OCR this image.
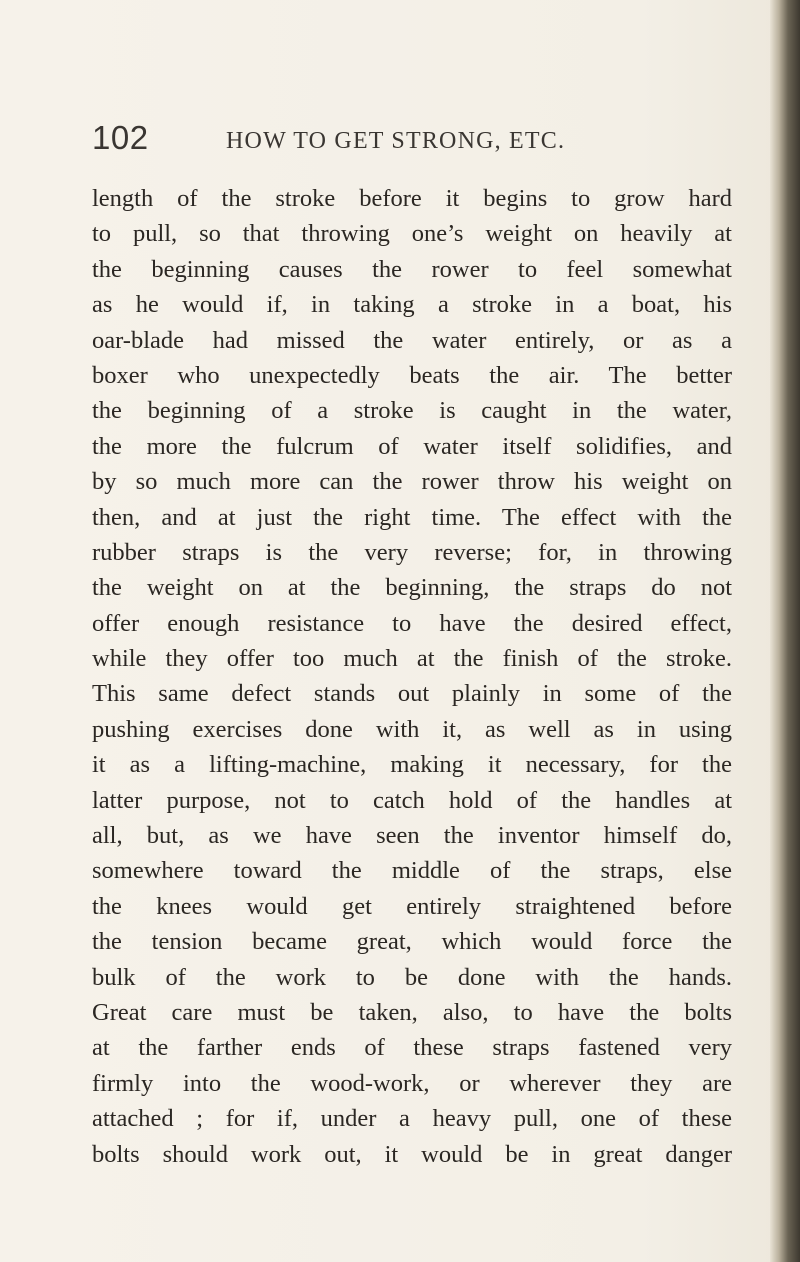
102	HOW TO GET STRONG, ETC.
length of the stroke before it begins to grow hard
to pull, so that throwing one’s weight on heavily at
the beginning causes the rower to feel somewhat
as he would if, in taking a stroke in a boat, his
oar-blade had missed the water entirely, or as a
boxer who unexpectedly beats the air. The better
the beginning of a stroke is caught in the water,
the more the fulcrum of water itself solidifies, and
by so much more can the rower throw his weight on
then, and at just the right time. The effect with the
rubber straps is the very reverse; for, in throwing
the weight on at the beginning, the straps do not
offer enough resistance to have the desired effect,
while they offer too much at the finish of the stroke.
This same defect stands out plainly in some of the
pushing exercises done with it, as well as in using
it as a lifting-machine, making it necessary, for the
latter purpose, not to catch hold of the handles at
all, but, as we have seen the inventor himself do,
somewhere toward the middle of the straps, else
the knees would get entirely straightened before
the tension became great, which would force the
bulk of the work to be done with the hands.
Great care must be taken, also, to have the bolts
at the farther ends of these straps fastened very
firmly into the wood-work, or wherever they are
attached ; for if, under a heavy pull, one of these
bolts should work out, it would be in great danger
